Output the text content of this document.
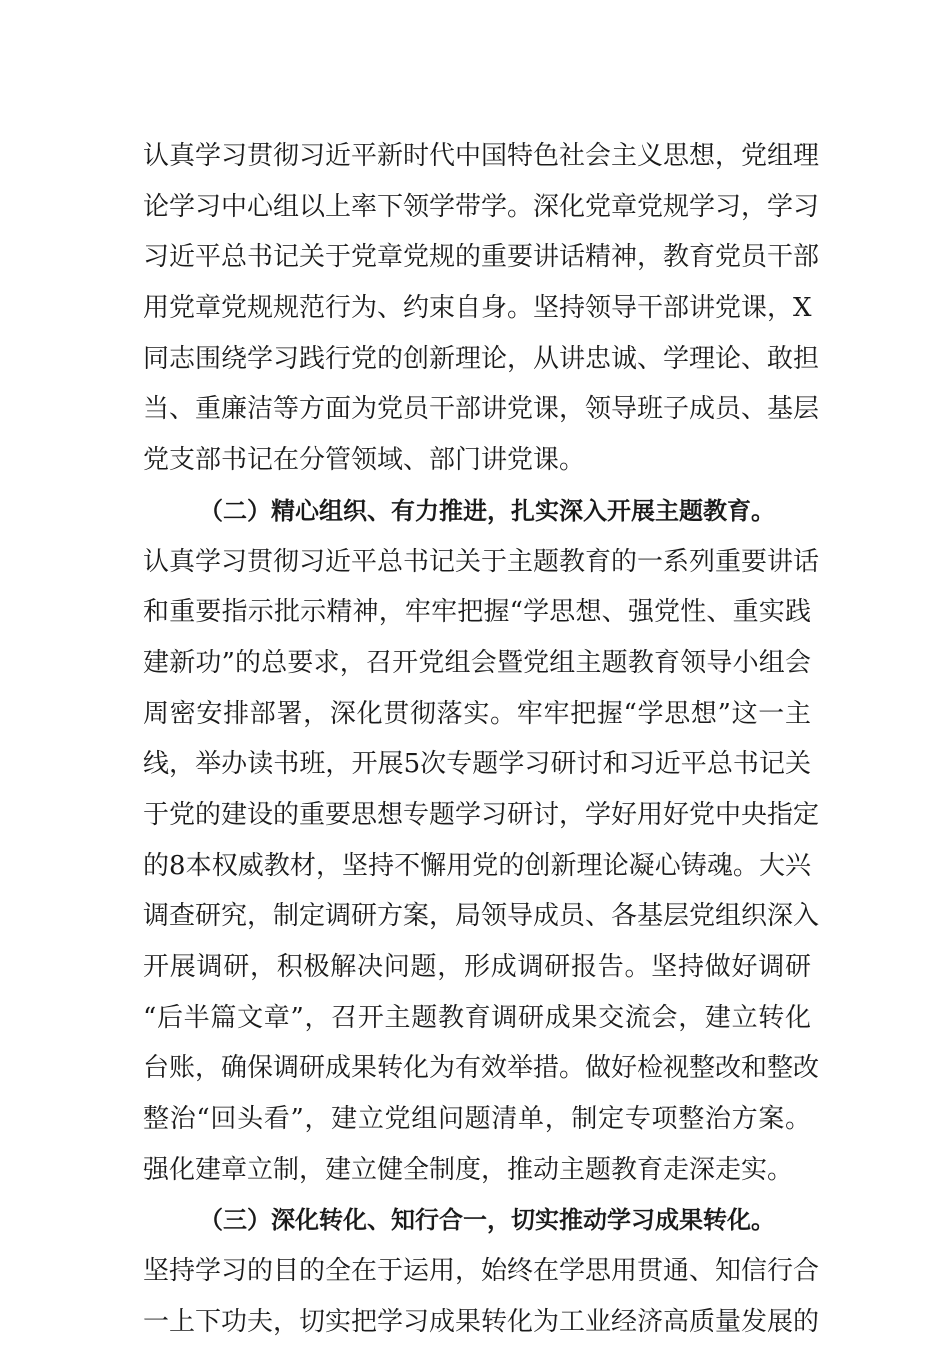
认真学习贯彻习近平新时代中国特色社会主义思想，党组理
论学习中心组以上率下领学带学。深化党章党规学习，学习
习近平总书记关于党章党规的重要讲话精神，教育党员干部
用党章党规规范行为、约束自身。坚持领导干部讲党课，X
同志围绕学习践行党的创新理论，从讲忠诚、学理论、敢担
当、重廉洁等方面为党员干部讲党课，领导班子成员、基层
党支部书记在分管领域、部门讲党课。
（二）精心组织、有力推进，扎实深入开展主题教育。
认真学习贯彻习近平总书记关于主题教育的一系列重要讲话
和重要指示批示精神，牢牢把握“学思想、强党性、重实践
建新功”的总要求，召开党组会暨党组主题教育领导小组会
周密安排部署，深化贯彻落实。牢牢把握“学思想”这一主
线，举办读书班，开展5次专题学习研讨和习近平总书记关
于党的建设的重要思想专题学习研讨，学好用好党中央指定
的8本权威教材，坚持不懈用党的创新理论凝心铸魂。大兴
调查研究，制定调研方案，局领导成员、各基层党组织深入
开展调研，积极解决问题，形成调研报告。坚持做好调研
“后半篇文章”，召开主题教育调研成果交流会，建立转化
台账，确保调研成果转化为有效举措。做好检视整改和整改
整治“回头看”，建立党组问题清单，制定专项整治方案。
强化建章立制，建立健全制度，推动主题教育走深走实。
（三）深化转化、知行合一，切实推动学习成果转化。
坚持学习的目的全在于运用，始终在学思用贯通、知信行合
一上下功夫，切实把学习成果转化为工业经济高质量发展的
